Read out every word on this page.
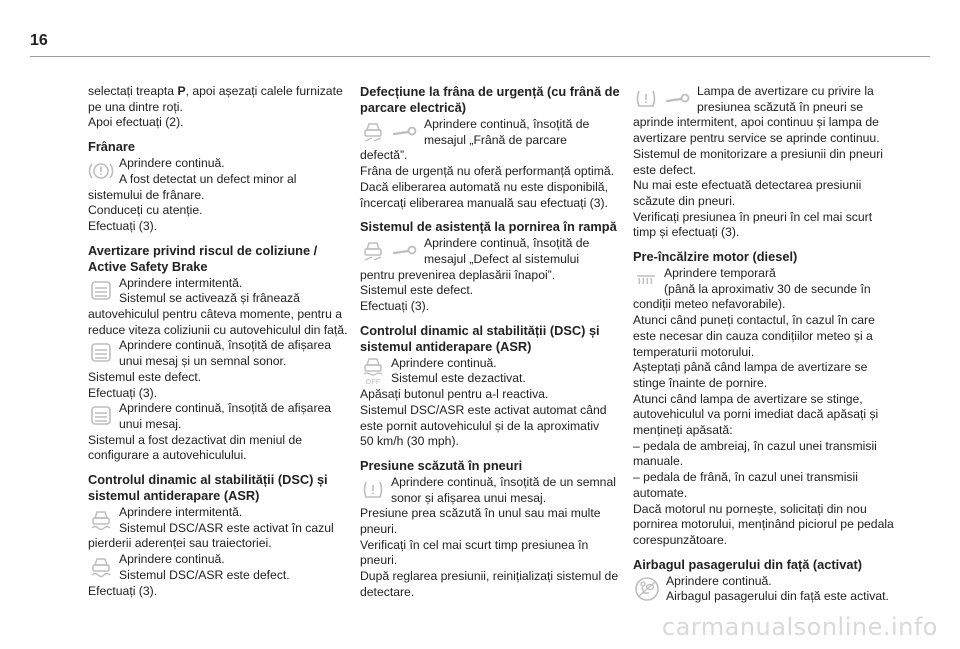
16

selectați treapta P, apoi așezați calele furnizate
pe una dintre roți.
Apoi efectuați (2).

Frânare
Aprindere continuă.
A fost detectat un defect minor al
sistemului de frânare.
Conduceți cu atenție.
Efectuați (3).
Avertizare privind riscul de coliziune /
Active Safety Brake
Aprindere intermitentă.
Sistemul se activează și frânează
autovehiculul pentru câteva momente, pentru a
reduce viteza coliziunii cu autovehiculul din față.
Aprindere continuă, însoțită de afișarea
unui mesaj și un semnal sonor.
Sistemul este defect.
Efectuați (3).
Aprindere continuă, însoțită de afișarea
unui mesaj.
Sistemul a fost dezactivat din meniul de
configurare a autovehiculului.
Controlul dinamic al stabilității (DSC) și
sistemul antiderapare (ASR)
Aprindere intermitentă.
Sistemul DSC/ASR este activat în cazul
pierderii aderenței sau traiectoriei.
Aprindere continuă.
Sistemul DSC/ASR este defect.
Efectuați (3).
Defecțiune la frâna de urgență (cu frână de
parcare electrică)
Aprindere continuă, însoțită de
mesajul „Frână de parcare
defectă”.
Frâna de urgență nu oferă performanță optimă.
Dacă eliberarea automată nu este disponibilă,
încercați eliberarea manuală sau efectuați (3).
Sistemul de asistență la pornirea în rampă
Aprindere continuă, însoțită de
mesajul „Defect al sistemului
pentru prevenirea deplasării înapoi”.
Sistemul este defect.
Efectuați (3).
Controlul dinamic al stabilității (DSC) și
sistemul antiderapare (ASR)
OFF
Aprindere continuă.
Sistemul este dezactivat.
Apăsați butonul pentru a-l reactiva.
Sistemul DSC/ASR este activat automat când
este pornit autovehiculul și de la aproximativ
50 km/h (30 mph).
Presiune scăzută în pneuri
Aprindere continuă, însoțită de un semnal
sonor și afișarea unui mesaj.
Presiune prea scăzută în unul sau mai multe
pneuri.
Verificați în cel mai scurt timp presiunea în
pneuri.
După reglarea presiunii, reinițializați sistemul de
detectare.
Lampa de avertizare cu privire la
presiunea scăzută în pneuri se
aprinde intermitent, apoi continuu și lampa de
avertizare pentru service se aprinde continuu.
Sistemul de monitorizare a presiunii din pneuri
este defect.
Nu mai este efectuată detectarea presiunii
scăzute din pneuri.
Verificați presiunea în pneuri în cel mai scurt
timp și efectuați (3).
Pre-încălzire motor (diesel)
Aprindere temporară
(până la aproximativ 30 de secunde în
condiții meteo nefavorabile).
Atunci când puneți contactul, în cazul în care
este necesar din cauza condițiilor meteo și a
temperaturii motorului.
Așteptați până când lampa de avertizare se
stinge înainte de pornire.
Atunci când lampa de avertizare se stinge,
autovehiculul va porni imediat dacă apăsați și
mențineți apăsată:
– pedala de ambreiaj, în cazul unei transmisii
manuale.
– pedala de frână, în cazul unei transmisii
automate.
Dacă motorul nu pornește, solicitați din nou
pornirea motorului, menținând piciorul pe pedala
corespunzătoare.
Airbagul pasagerului din față (activat)
Aprindere continuă.
Airbagul pasagerului din față este activat.
carmanualsonline.info
